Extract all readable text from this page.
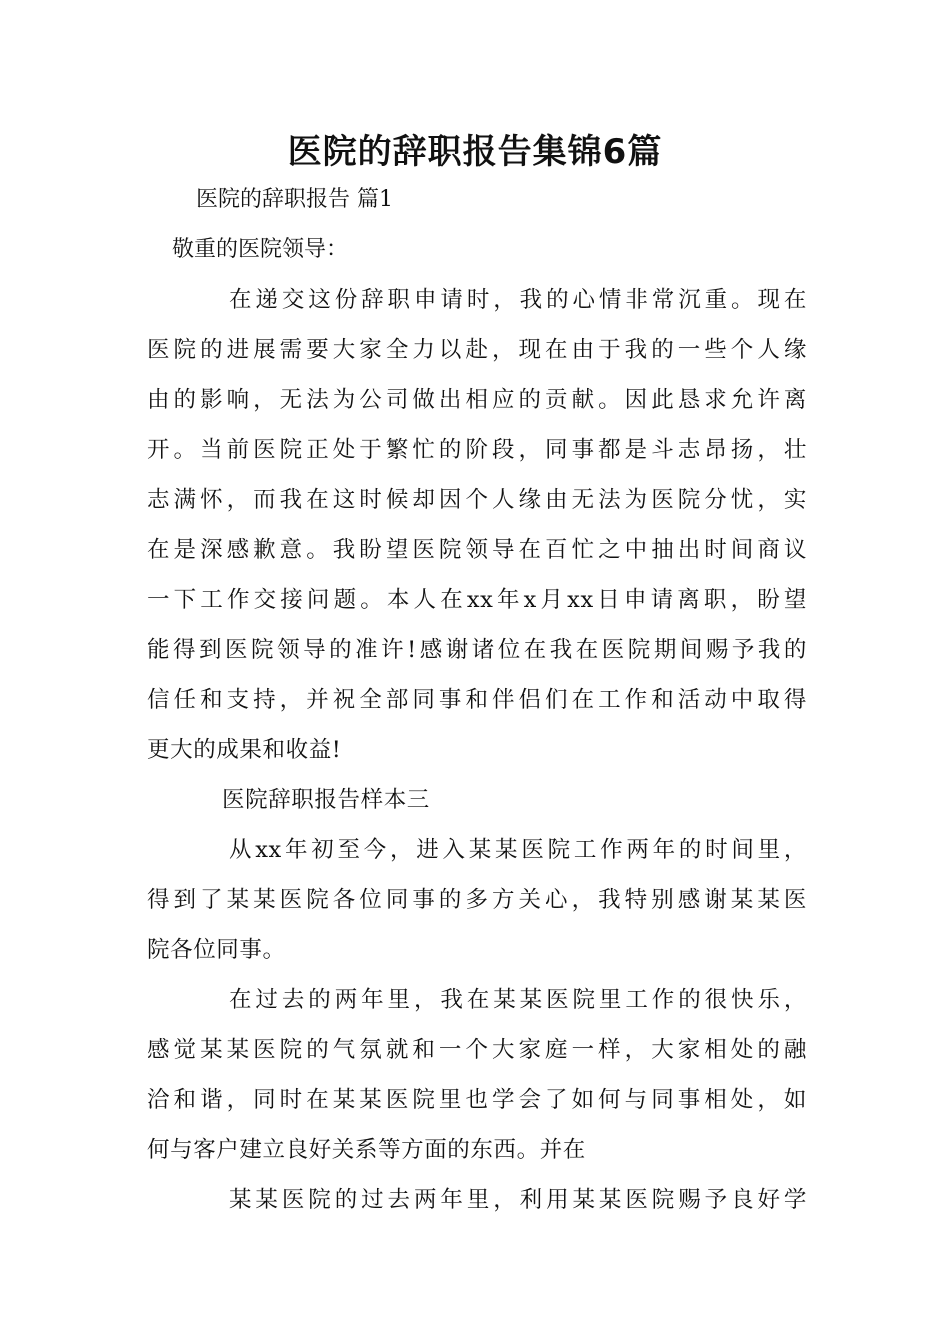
医院的辞职报告集锦6篇
医院的辞职报告 篇1
敬重的医院领导：
在递交这份辞职申请时，我的心情非常沉重。现在
医院的进展需要大家全力以赴，现在由于我的一些个人缘
由的影响，无法为公司做出相应的贡献。因此恳求允许离
开。当前医院正处于繁忙的阶段，同事都是斗志昂扬，壮
志满怀，而我在这时候却因个人缘由无法为医院分忧，实
在是深感歉意。我盼望医院领导在百忙之中抽出时间商议
一下工作交接问题。本人在xx年x月xx日申请离职，盼望
能得到医院领导的准许!感谢诸位在我在医院期间赐予我的
信任和支持，并祝全部同事和伴侣们在工作和活动中取得
更大的成果和收益!
医院辞职报告样本三
从xx年初至今，进入某某医院工作两年的时间里，
得到了某某医院各位同事的多方关心，我特别感谢某某医
院各位同事。
在过去的两年里，我在某某医院里工作的很快乐，
感觉某某医院的气氛就和一个大家庭一样，大家相处的融
洽和谐，同时在某某医院里也学会了如何与同事相处，如
何与客户建立良好关系等方面的东西。并在
某某医院的过去两年里，利用某某医院赐予良好学
